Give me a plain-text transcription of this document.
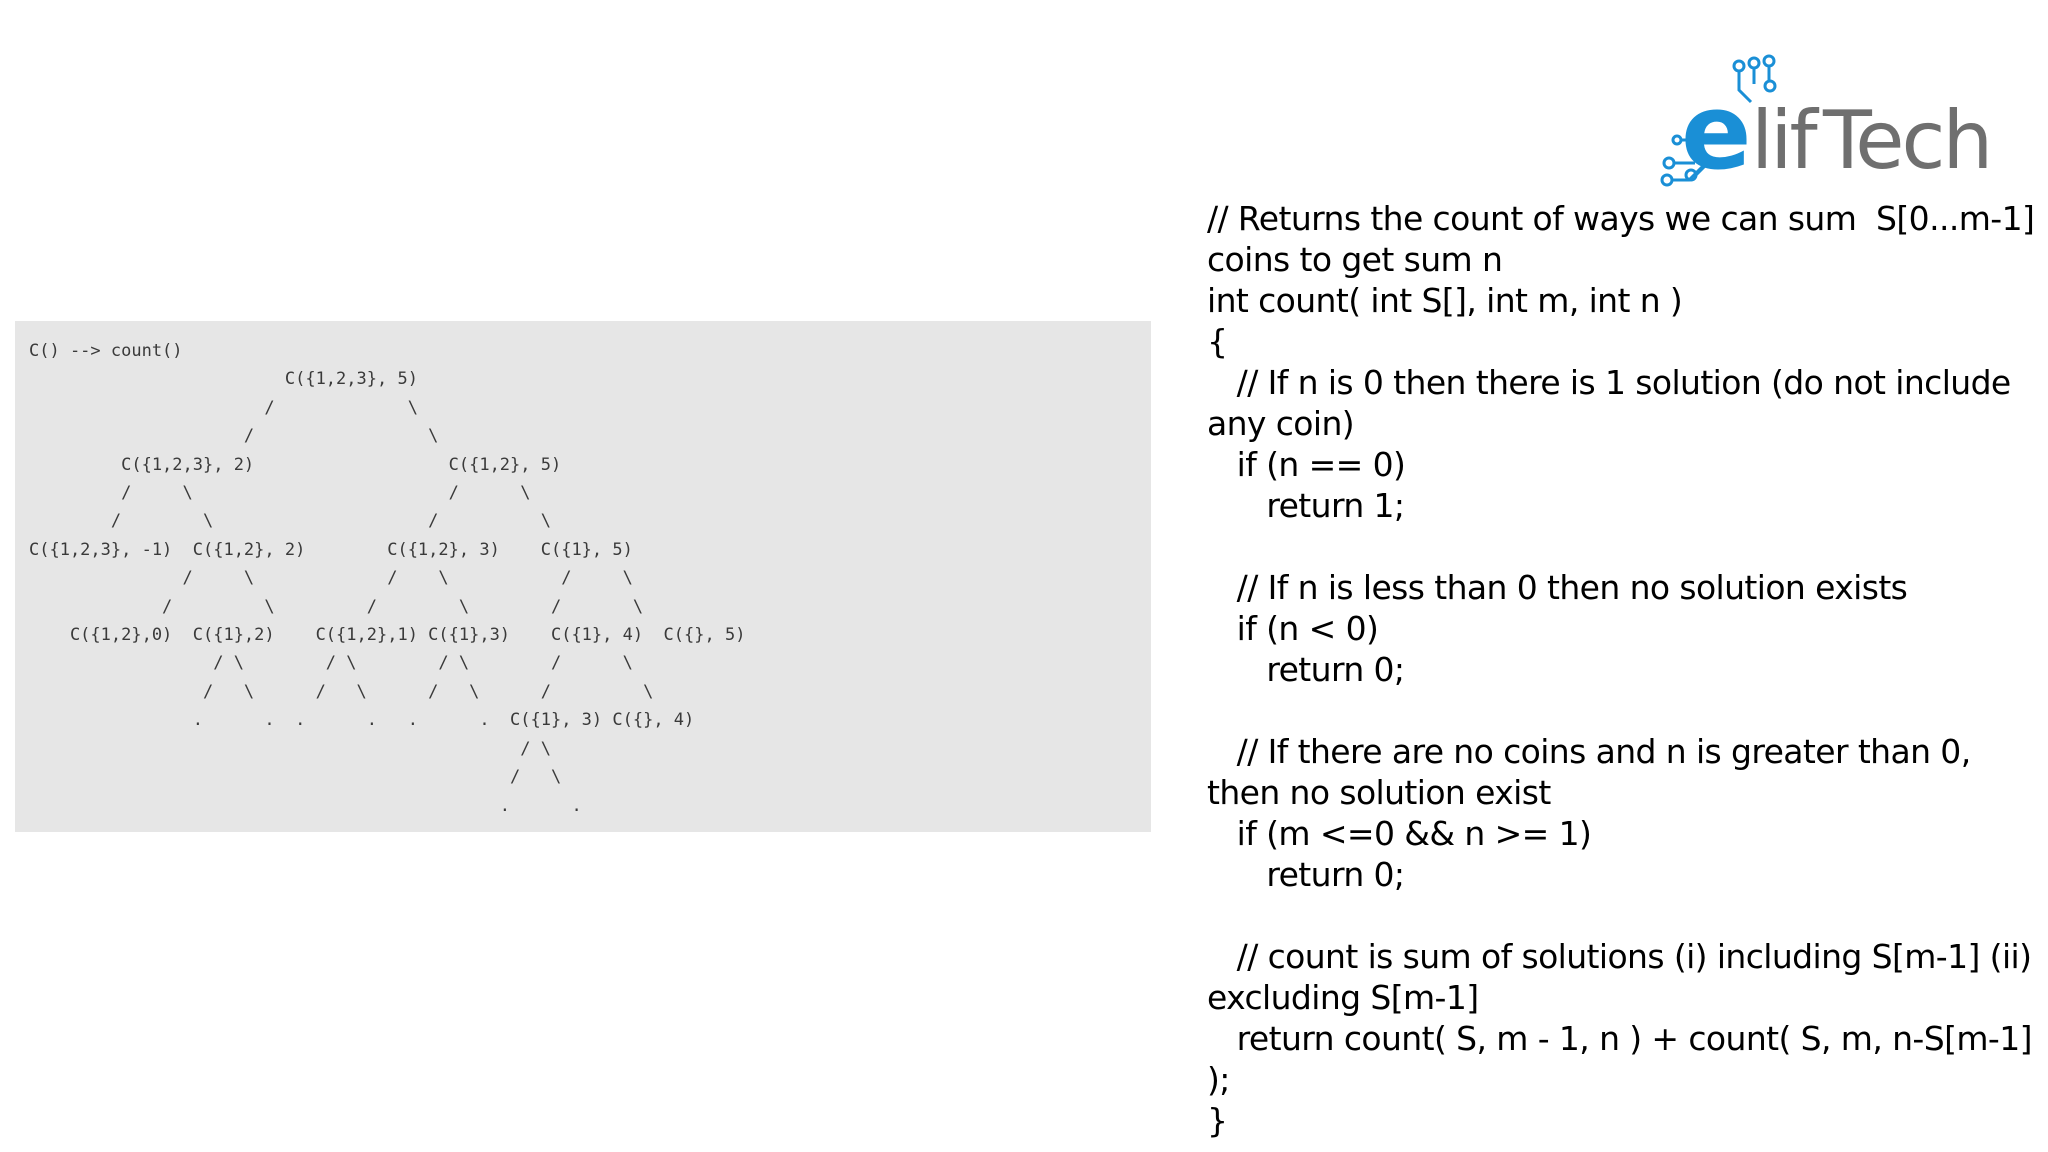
C() --> count()
C({1,2,3}, 5)
/             \
/                 \
C({1,2,3}, 2)                   C({1,2}, 5)
/     \                         /      \
/        \                     /          \
C({1,2,3}, -1)  C({1,2}, 2)        C({1,2}, 3)    C({1}, 5)
/     \             /    \           /     \
/         \         /        \        /       \
C({1,2},0)  C({1},2)    C({1,2},1) C({1},3)    C({1}, 4)  C({}, 5)
/ \        / \        / \        /      \
/   \      /   \      /   \      /         \
.      .  .      .   .      .  C({1}, 3) C({}, 4)
/ \
/   \
.      .
e lif Tech
// Returns the count of ways we can sum  S[0...m-1] coins to get sum n
int count( int S[], int m, int n )
{
// If n is 0 then there is 1 solution (do not include any coin)
if (n == 0)
return 1;

// If n is less than 0 then no solution exists
if (n < 0)
return 0;

// If there are no coins and n is greater than 0, then no solution exist
if (m <=0 && n >= 1)
return 0;

// count is sum of solutions (i) including S[m-1] (ii) excluding S[m-1]
return count( S, m - 1, n ) + count( S, m, n-S[m-1] );
}
